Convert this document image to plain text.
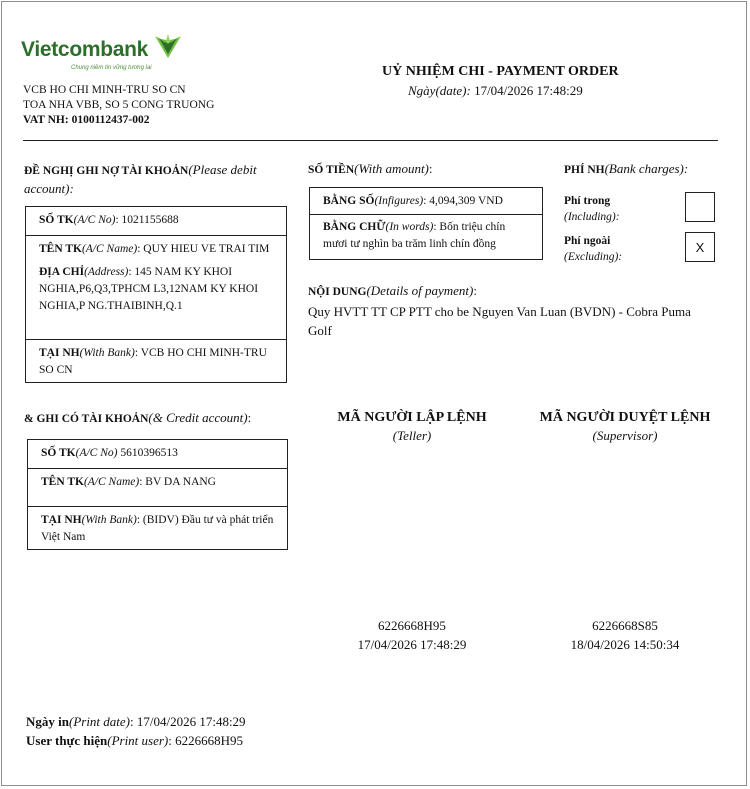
Vietcombank
Chung niềm tin vững tương lai
VCB HO CHI MINH-TRU SO CN
TOA NHA VBB, SO 5 CONG TRUONG
VAT NH: 0100112437-002
UỶ NHIỆM CHI - PAYMENT ORDER
Ngày(date): 17/04/2026 17:48:29
ĐỀ NGHỊ GHI NỢ TÀI KHOẢN(Please debit
account):
SỐ TK(A/C No): 1021155688
TÊN TK(A/C Name): QUY HIEU VE TRAI TIM
ĐỊA CHỈ(Address): 145 NAM KY KHOI NGHIA,P6,Q3,TPHCM L3,12NAM KY KHOI NGHIA,P NG.THAIBINH,Q.1
TẠI NH(With Bank): VCB HO CHI MINH-TRU SO CN
SỐ TIỀN(With amount):
BẰNG SỐ(Infigures): 4,094,309 VND
BẰNG CHỮ(In words): Bốn triệu chín mươi tư nghìn ba trăm linh chín đồng
PHÍ NH(Bank charges):
Phí trong
(Including):
Phí ngoài
(Excluding):
X
NỘI DUNG(Details of payment):
Quy HVTT TT CP PTT cho be Nguyen Van Luan (BVDN) - Cobra Puma Golf
& GHI CÓ TÀI KHOẢN(& Credit account):
SỐ TK(A/C No) 5610396513
TÊN TK(A/C Name): BV DA NANG
TẠI NH(With Bank): (BIDV) Đầu tư và phát triển Việt Nam
MÃ NGƯỜI LẬP LỆNH
(Teller)
6226668H95
17/04/2026 17:48:29
MÃ NGƯỜI DUYỆT LỆNH
(Supervisor)
6226668S85
18/04/2026 14:50:34
Ngày in(Print date): 17/04/2026 17:48:29
User thực hiện(Print user): 6226668H95
